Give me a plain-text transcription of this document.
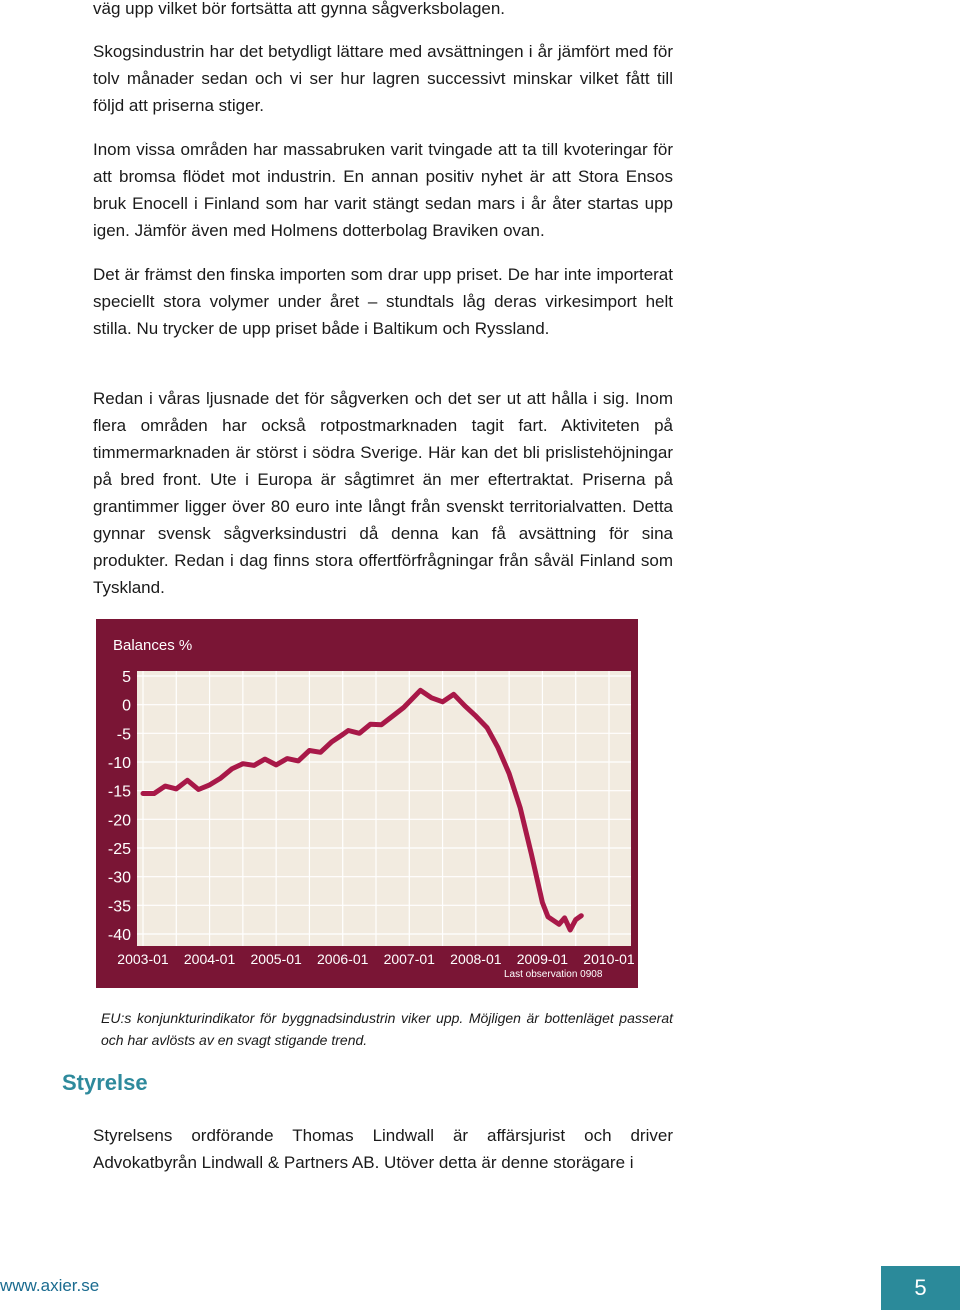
väg upp vilket bör fortsätta att gynna sågverksbolagen.

Skogsindustrin har det betydligt lättare med avsättningen i år jämfört med för tolv månader sedan och vi ser hur lagren successivt minskar vilket fått till följd att priserna stiger.

Inom vissa områden har massabruken varit tvingade att ta till kvoteringar för att bromsa flödet mot industrin. En annan positiv nyhet är att Stora Ensos bruk Enocell i Finland som har varit stängt sedan mars i år åter startas upp igen. Jämför även med Holmens dotterbolag Braviken ovan.

Det är främst den finska importen som drar upp priset. De har inte importerat speciellt stora volymer under året – stundtals låg deras virkesimport helt stilla. Nu trycker de upp priset både i Baltikum och Ryssland.

Redan i våras ljusnade det för sågverken och det ser ut att hålla i sig. Inom flera områden har också rotpostmarknaden tagit fart. Aktiviteten på timmermarknaden är störst i södra Sverige. Här kan det bli prislistehöjningar på bred front. Ute i Europa är sågtimret än mer eftertraktat. Priserna på grantimmer ligger över 80 euro inte långt från svenskt territorialvatten. Detta gynnar svensk sågverksindustri då denna kan få avsättning för sina produkter. Redan i dag finns stora offertförfrågningar från såväl Finland som Tyskland.

Balances %
5
0
-5
-10
-15
-20
-25
-30
-35
-40
2003-01 2004-01 2005-01 2006-01 2007-01 2008-01 2009-01 2010-01
Last observation 0908

EU:s konjunkturindikator för byggnadsindustrin viker upp. Möjligen är bottenläget passerat och har avlösts av en svagt stigande trend.

Styrelse

Styrelsens ordförande Thomas Lindwall är affärsjurist och driver Advokatbyrån Lindwall & Partners AB. Utöver detta är denne storägare i

www.axier.se	5
